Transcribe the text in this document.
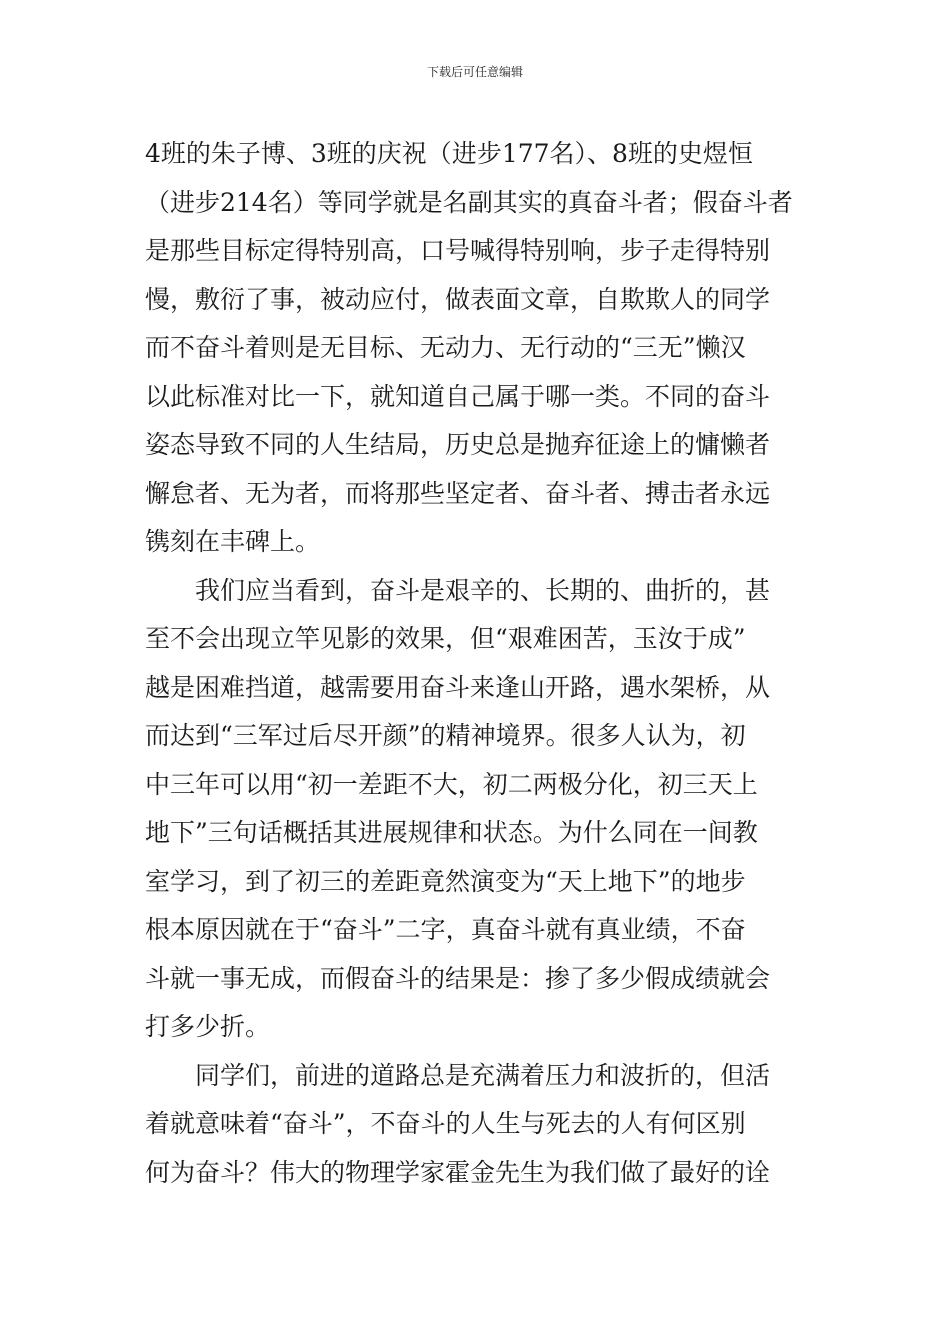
下载后可任意编辑
4班的朱子博、3班的庆祝（进步177名）、8班的史煜恒
（进步214名）等同学就是名副其实的真奋斗者；假奋斗者
是那些目标定得特别高，口号喊得特别响，步子走得特别
慢，敷衍了事，被动应付，做表面文章，自欺欺人的同学
而不奋斗着则是无目标、无动力、无行动的“三无”懒汉
以此标准对比一下，就知道自己属于哪一类。不同的奋斗
姿态导致不同的人生结局，历史总是抛弃征途上的慵懒者
懈怠者、无为者，而将那些坚定者、奋斗者、搏击者永远
镌刻在丰碑上。
　　我们应当看到，奋斗是艰辛的、长期的、曲折的，甚
至不会出现立竿见影的效果，但“艰难困苦，玉汝于成”
越是困难挡道，越需要用奋斗来逢山开路，遇水架桥，从
而达到“三军过后尽开颜”的精神境界。很多人认为，初
中三年可以用“初一差距不大，初二两极分化，初三天上
地下”三句话概括其进展规律和状态。为什么同在一间教
室学习，到了初三的差距竟然演变为“天上地下”的地步
根本原因就在于“奋斗”二字，真奋斗就有真业绩，不奋
斗就一事无成，而假奋斗的结果是：掺了多少假成绩就会
打多少折。
　　同学们，前进的道路总是充满着压力和波折的，但活
着就意味着“奋斗”，不奋斗的人生与死去的人有何区别
何为奋斗？伟大的物理学家霍金先生为我们做了最好的诠
